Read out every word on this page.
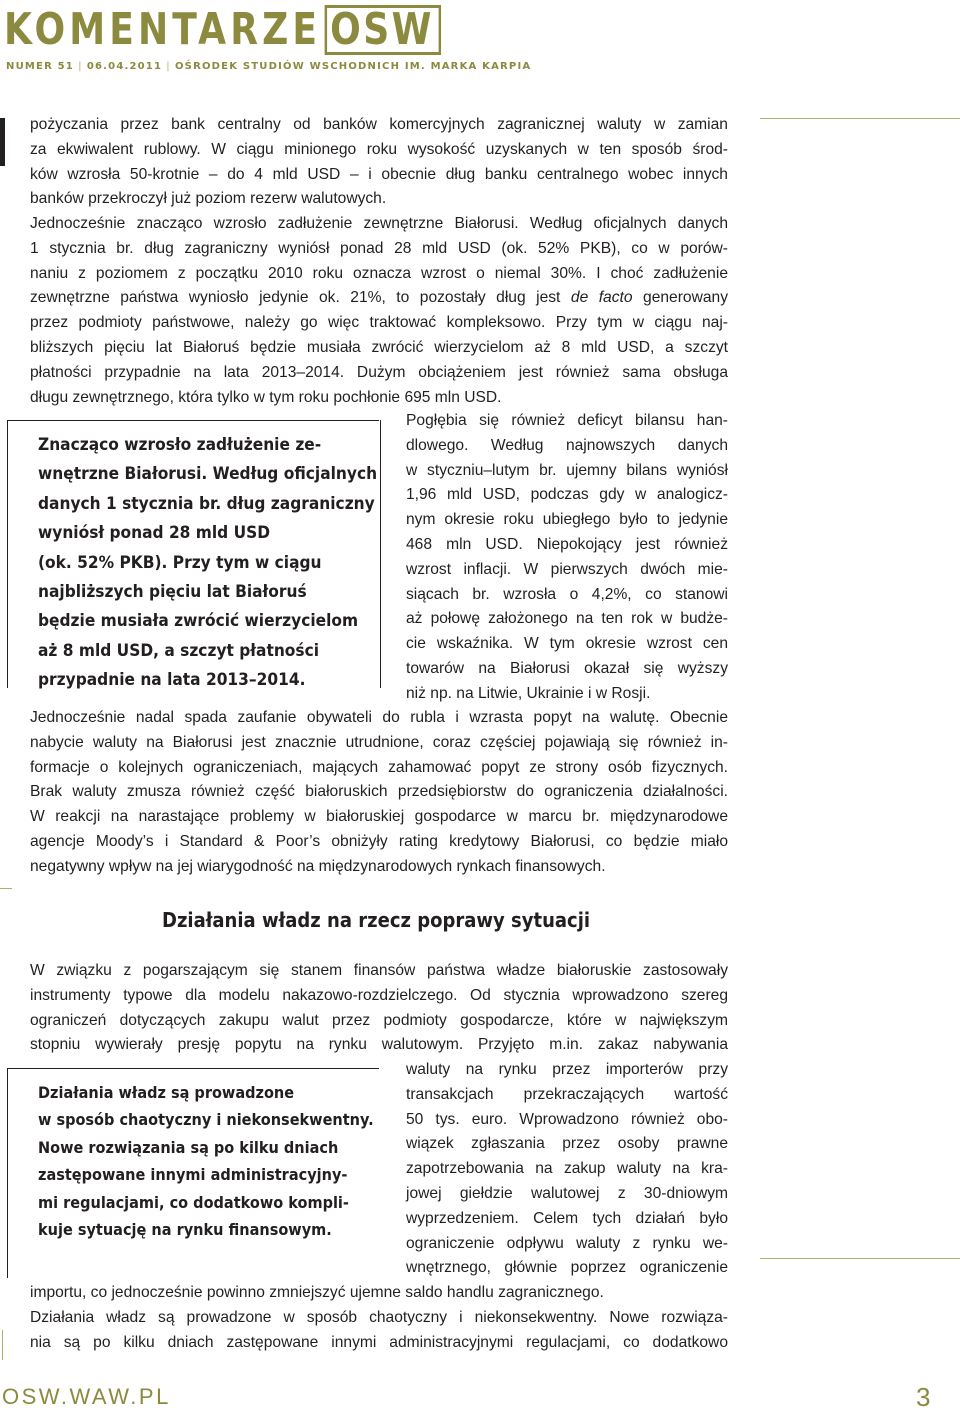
KOMENTARZE OSW
NUMER 51 | 06.04.2011 | OŚRODEK STUDIÓW WSCHODNICH IM. MARKA KARPIA

pożyczania przez bank centralny od banków komercyjnych zagranicznej waluty w zamian
za ekwiwalent rublowy. W ciągu minionego roku wysokość uzyskanych w ten sposób środ-
ków wzrosła 50-krotnie – do 4 mld USD – i obecnie dług banku centralnego wobec innych
banków przekroczył już poziom rezerw walutowych.

Jednocześnie znacząco wzrosło zadłużenie zewnętrzne Białorusi. Według oficjalnych danych
1 stycznia br. dług zagraniczny wyniósł ponad 28 mld USD (ok. 52% PKB), co w porów-
naniu z poziomem z początku 2010 roku oznacza wzrost o niemal 30%. I choć zadłużenie
zewnętrzne państwa wyniosło jedynie ok. 21%, to pozostały dług jest de facto generowany
przez podmioty państwowe, należy go więc traktować kompleksowo. Przy tym w ciągu naj-
bliższych pięciu lat Białoruś będzie musiała zwrócić wierzycielom aż 8 mld USD, a szczyt
płatności przypadnie na lata 2013–2014. Dużym obciążeniem jest również sama obsługa
długu zewnętrznego, która tylko w tym roku pochłonie 695 mln USD.

Znacząco wzrosło zadłużenie ze-
wnętrzne Białorusi. Według oficjalnych
danych 1 stycznia br. dług zagraniczny
wyniósł ponad 28 mld USD
(ok. 52% PKB). Przy tym w ciągu
najbliższych pięciu lat Białoruś
będzie musiała zwrócić wierzycielom
aż 8 mld USD, a szczyt płatności
przypadnie na lata 2013–2014.

Pogłębia się również deficyt bilansu han-
dlowego. Według najnowszych danych
w styczniu–lutym br. ujemny bilans wyniósł
1,96 mld USD, podczas gdy w analogicz-
nym okresie roku ubiegłego było to jedynie
468 mln USD. Niepokojący jest również
wzrost inflacji. W pierwszych dwóch mie-
siącach br. wzrosła o 4,2%, co stanowi
aż połowę założonego na ten rok w budże-
cie wskaźnika. W tym okresie wzrost cen
towarów na Białorusi okazał się wyższy
niż np. na Litwie, Ukrainie i w Rosji.

Jednocześnie nadal spada zaufanie obywateli do rubla i wzrasta popyt na walutę. Obecnie
nabycie waluty na Białorusi jest znacznie utrudnione, coraz częściej pojawiają się również in-
formacje o kolejnych ograniczeniach, mających zahamować popyt ze strony osób fizycznych.
Brak waluty zmusza również część białoruskich przedsiębiorstw do ograniczenia działalności.
W reakcji na narastające problemy w białoruskiej gospodarce w marcu br. międzynarodowe
agencje Moody’s i Standard & Poor’s obniżyły rating kredytowy Białorusi, co będzie miało
negatywny wpływ na jej wiarygodność na międzynarodowych rynkach finansowych.

Działania władz na rzecz poprawy sytuacji

W związku z pogarszającym się stanem finansów państwa władze białoruskie zastosowały
instrumenty typowe dla modelu nakazowo-rozdzielczego. Od stycznia wprowadzono szereg
ograniczeń dotyczących zakupu walut przez podmioty gospodarcze, które w największym
stopniu wywierały presję popytu na rynku walutowym. Przyjęto m.in. zakaz nabywania

Działania władz są prowadzone
w sposób chaotyczny i niekonsekwentny.
Nowe rozwiązania są po kilku dniach
zastępowane innymi administracyjny-
mi regulacjami, co dodatkowo kompli-
kuje sytuację na rynku finansowym.

waluty na rynku przez importerów przy
transakcjach przekraczających wartość
50 tys. euro. Wprowadzono również obo-
wiązek zgłaszania przez osoby prawne
zapotrzebowania na zakup waluty na kra-
jowej giełdzie walutowej z 30-dniowym
wyprzedzeniem. Celem tych działań było
ograniczenie odpływu waluty z rynku we-
wnętrznego, głównie poprzez ograniczenie

importu, co jednocześnie powinno zmniejszyć ujemne saldo handlu zagranicznego.

Działania władz są prowadzone w sposób chaotyczny i niekonsekwentny. Nowe rozwiąza-
nia są po kilku dniach zastępowane innymi administracyjnymi regulacjami, co dodatkowo

OSW.WAW.PL	3
